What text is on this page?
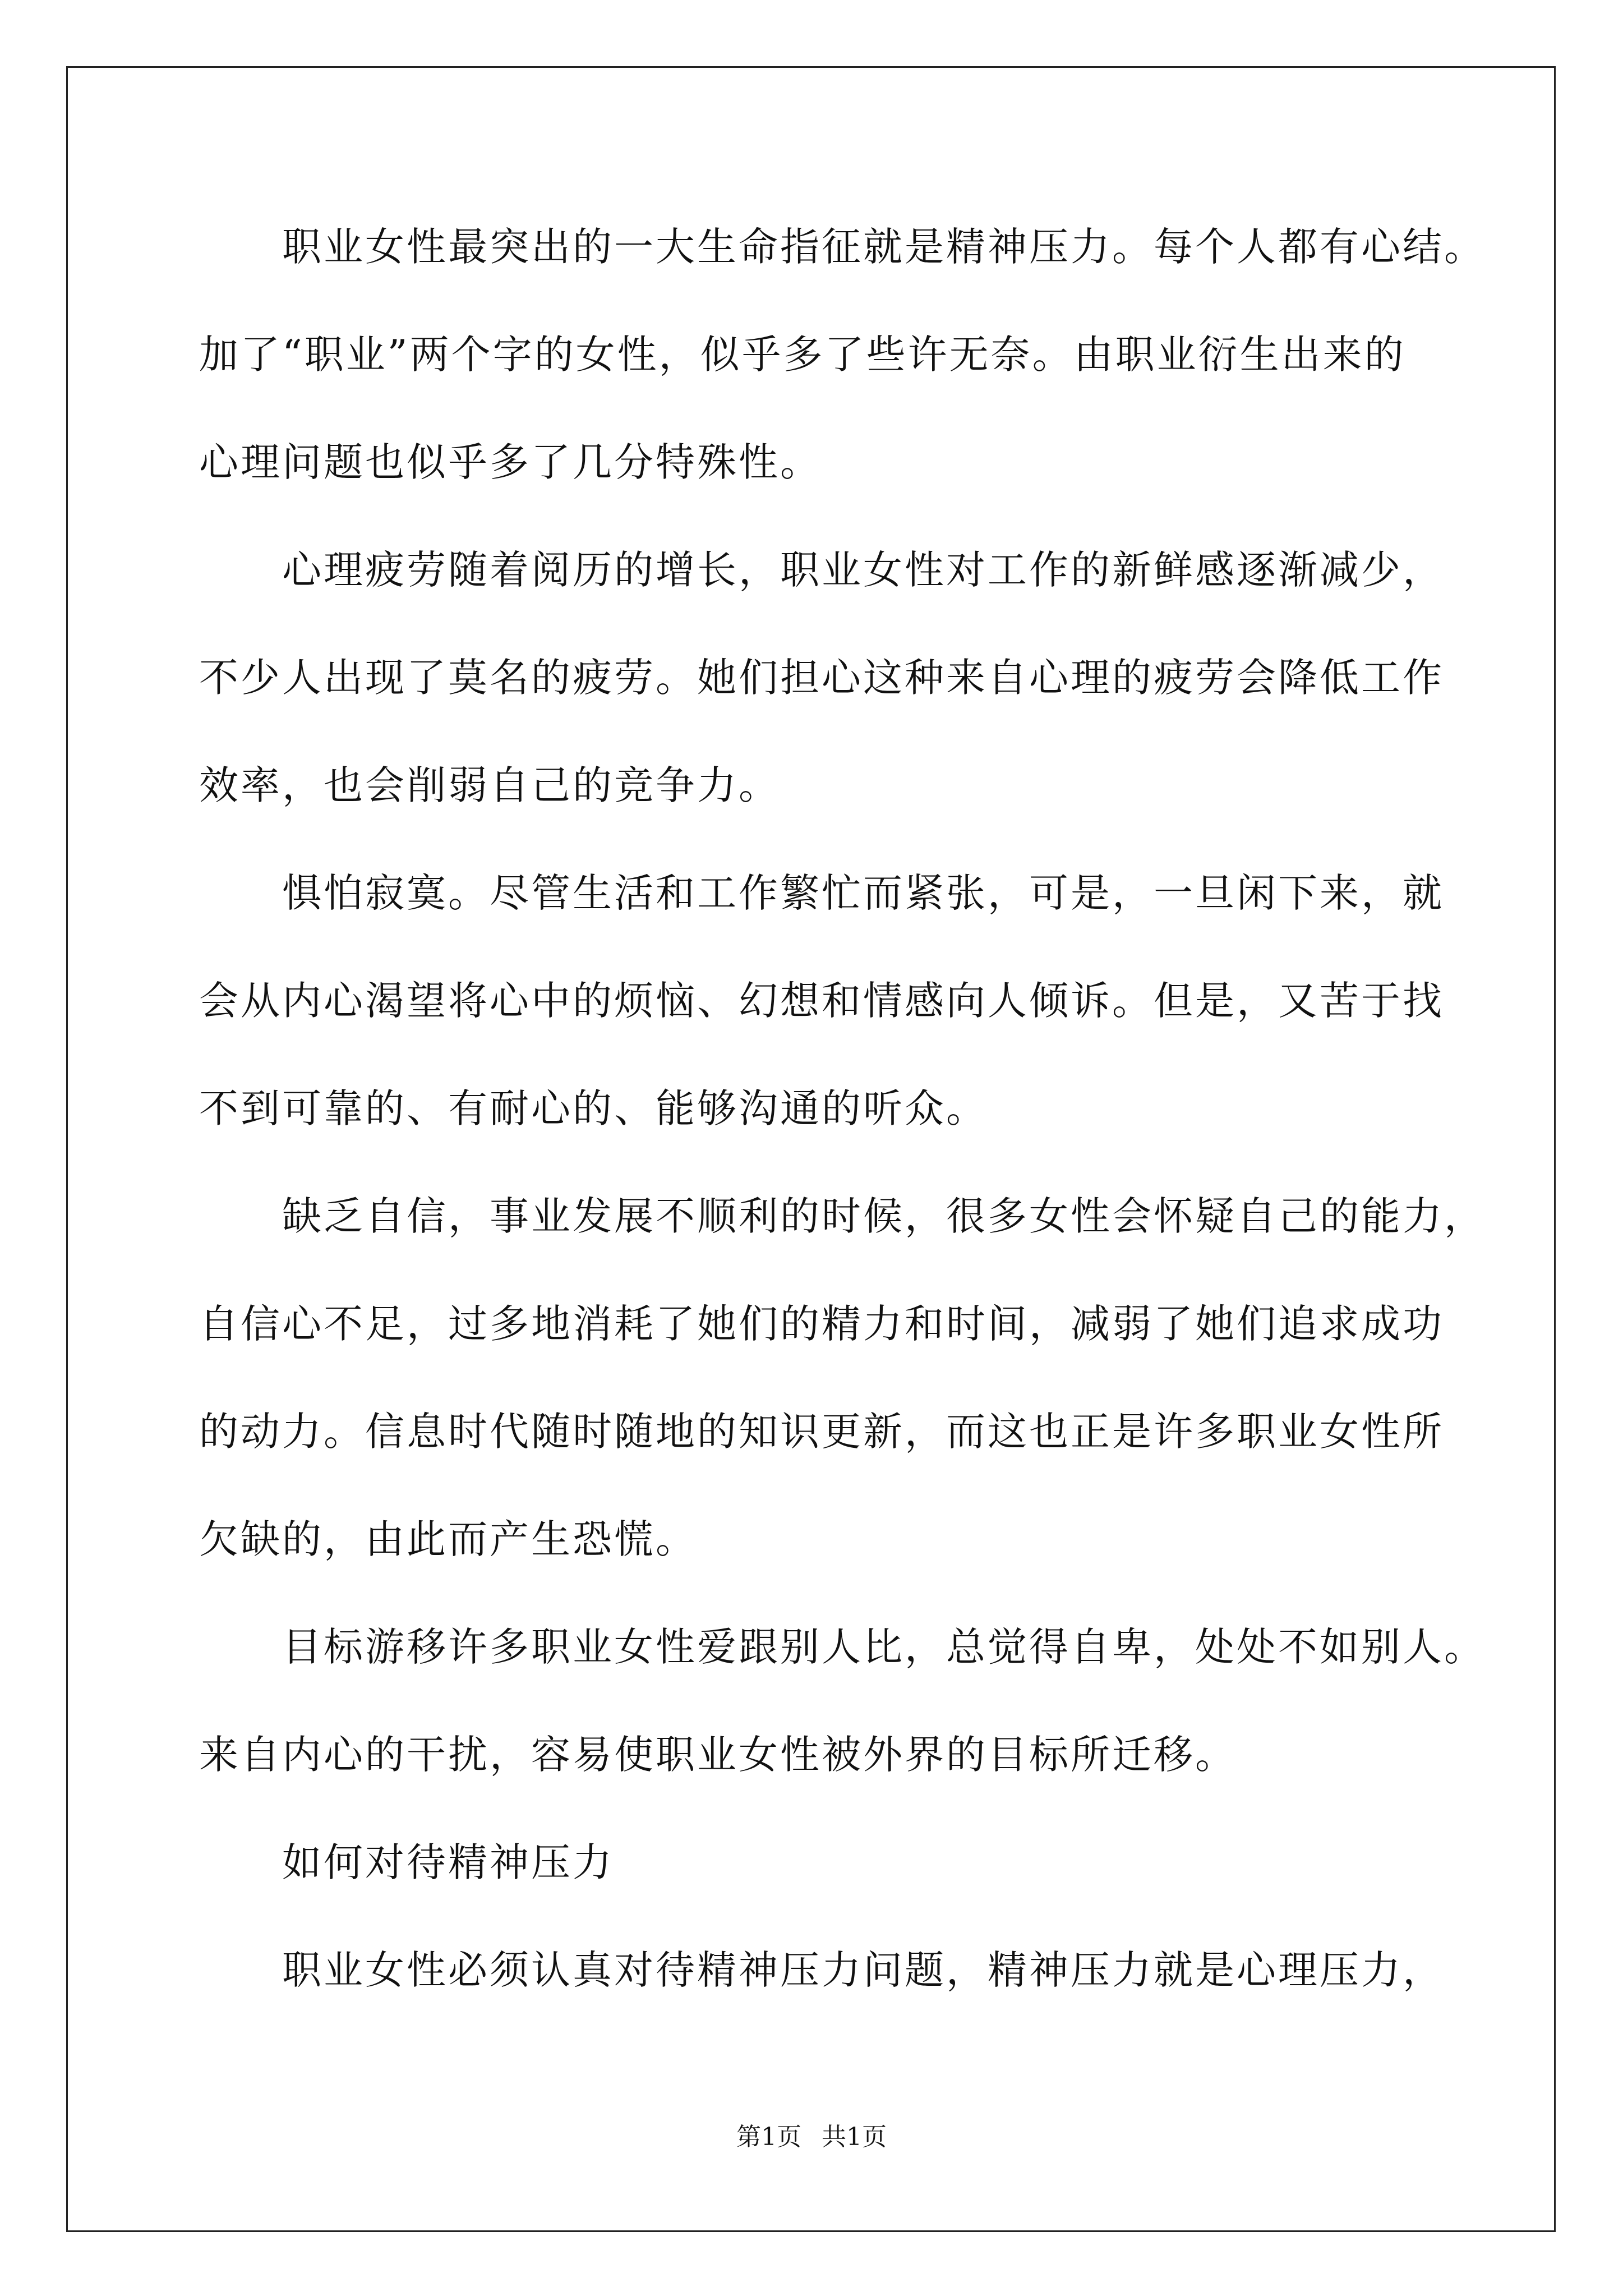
职业女性最突出的一大生命指征就是精神压力。每个人都有心结。
加了“职业”两个字的女性，似乎多了些许无奈。由职业衍生出来的
心理问题也似乎多了几分特殊性。
心理疲劳随着阅历的增长，职业女性对工作的新鲜感逐渐减少，
不少人出现了莫名的疲劳。她们担心这种来自心理的疲劳会降低工作
效率，也会削弱自己的竞争力。
惧怕寂寞。尽管生活和工作繁忙而紧张，可是，一旦闲下来，就
会从内心渴望将心中的烦恼、幻想和情感向人倾诉。但是，又苦于找
不到可靠的、有耐心的、能够沟通的听众。
缺乏自信，事业发展不顺利的时候，很多女性会怀疑自己的能力，
自信心不足，过多地消耗了她们的精力和时间，减弱了她们追求成功
的动力。信息时代随时随地的知识更新，而这也正是许多职业女性所
欠缺的，由此而产生恐慌。
目标游移许多职业女性爱跟别人比，总觉得自卑，处处不如别人。
来自内心的干扰，容易使职业女性被外界的目标所迁移。
如何对待精神压力
职业女性必须认真对待精神压力问题，精神压力就是心理压力，
第1页 共1页
